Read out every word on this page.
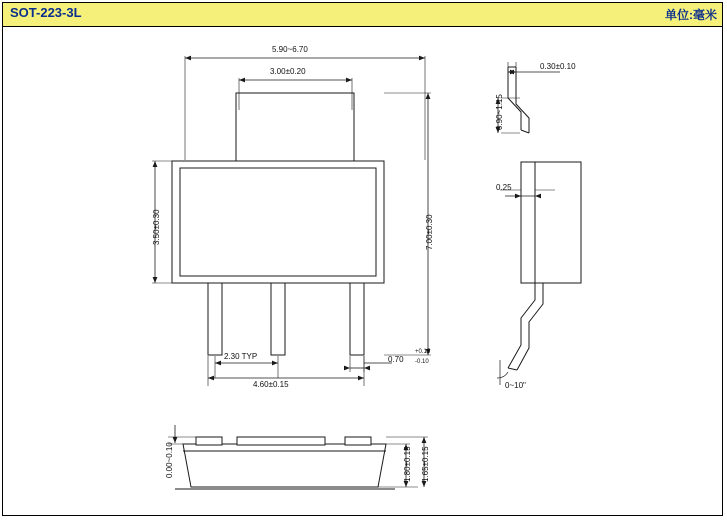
SOT-223-3L	单位:毫米
5.90~6.70
3.00±0.20
3.50±0.30	7.00±0.30
2.30 TYP
4.60±0.15
0.70
+0.15
-0.10
0.30±0.10
0.90~1.15
0.25
0~10"
0.00~0.10	1.80±0.15 1.65±0.15
